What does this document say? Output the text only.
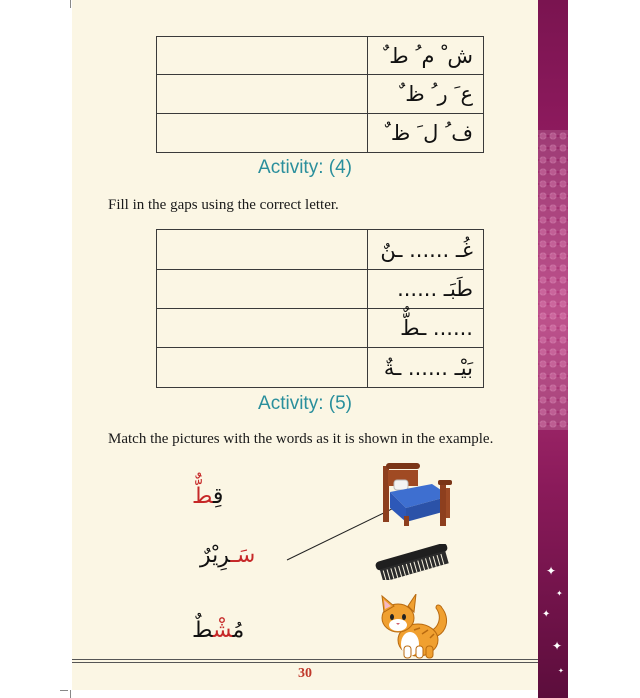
✦
✦
✦
✦
✦
	ش ْ م ُ ط ٌ
	ع َ ر ُ ظ ٌ
	ف ُ ل َ ظ ٌ
Activity: (4)
Fill in the gaps using the correct letter.
	غُـ ...... ـنٌ
	طَبَـ ......
	...... ـطٌّ
	بَيْـ ...... ـةٌ
Activity: (5)
Match the pictures with the words as it is shown in the example.
قِطٌّ
سَـرِيْرٌ
مُشْطٌ
30
